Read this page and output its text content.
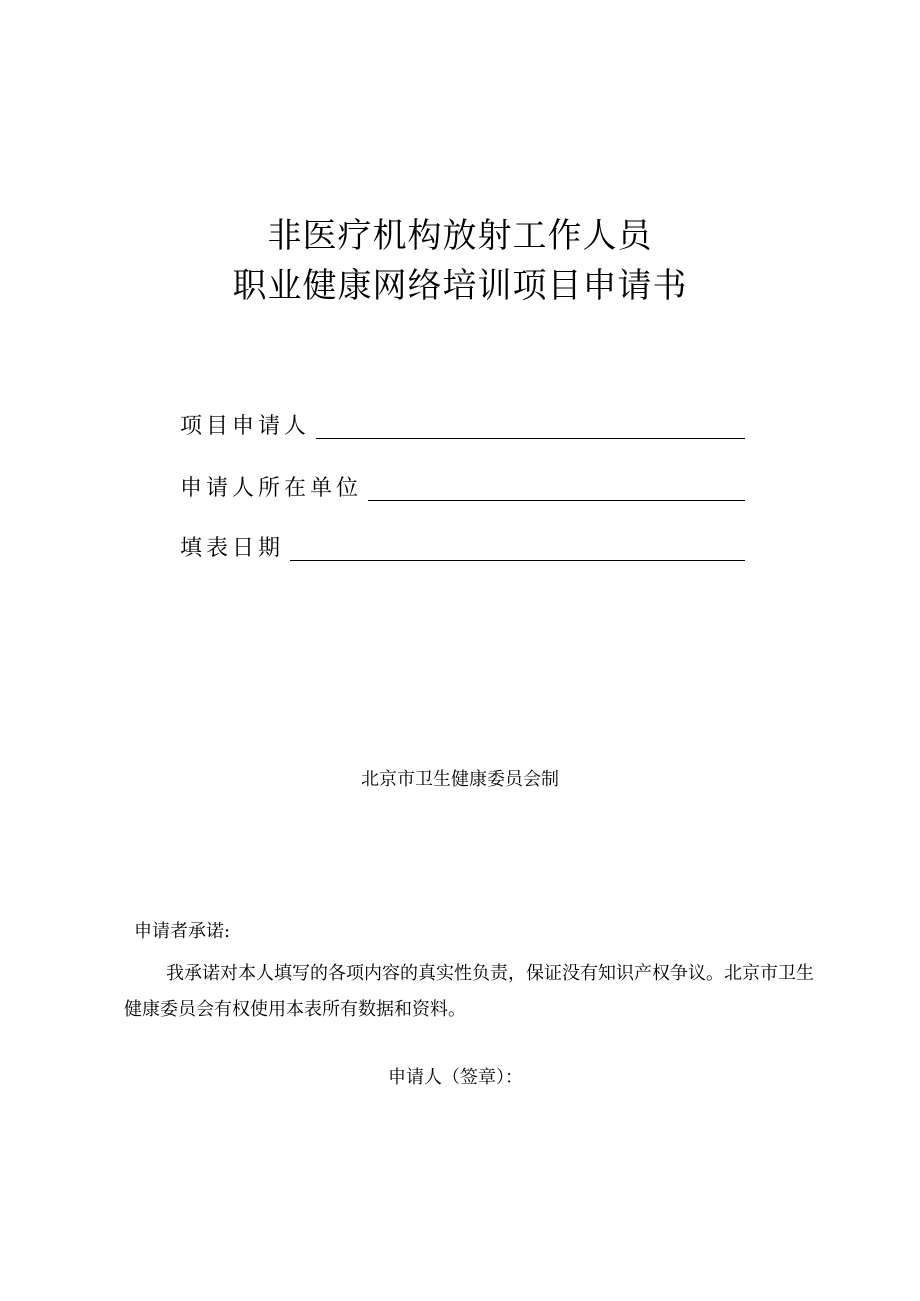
非医疗机构放射工作人员
职业健康网络培训项目申请书
项目申请人
申请人所在单位
填表日期
北京市卫生健康委员会制
申请者承诺:
我承诺对本人填写的各项内容的真实性负责，保证没有知识产权争议。北京市卫生健康委员会有权使用本表所有数据和资料。
申请人（签章）：
